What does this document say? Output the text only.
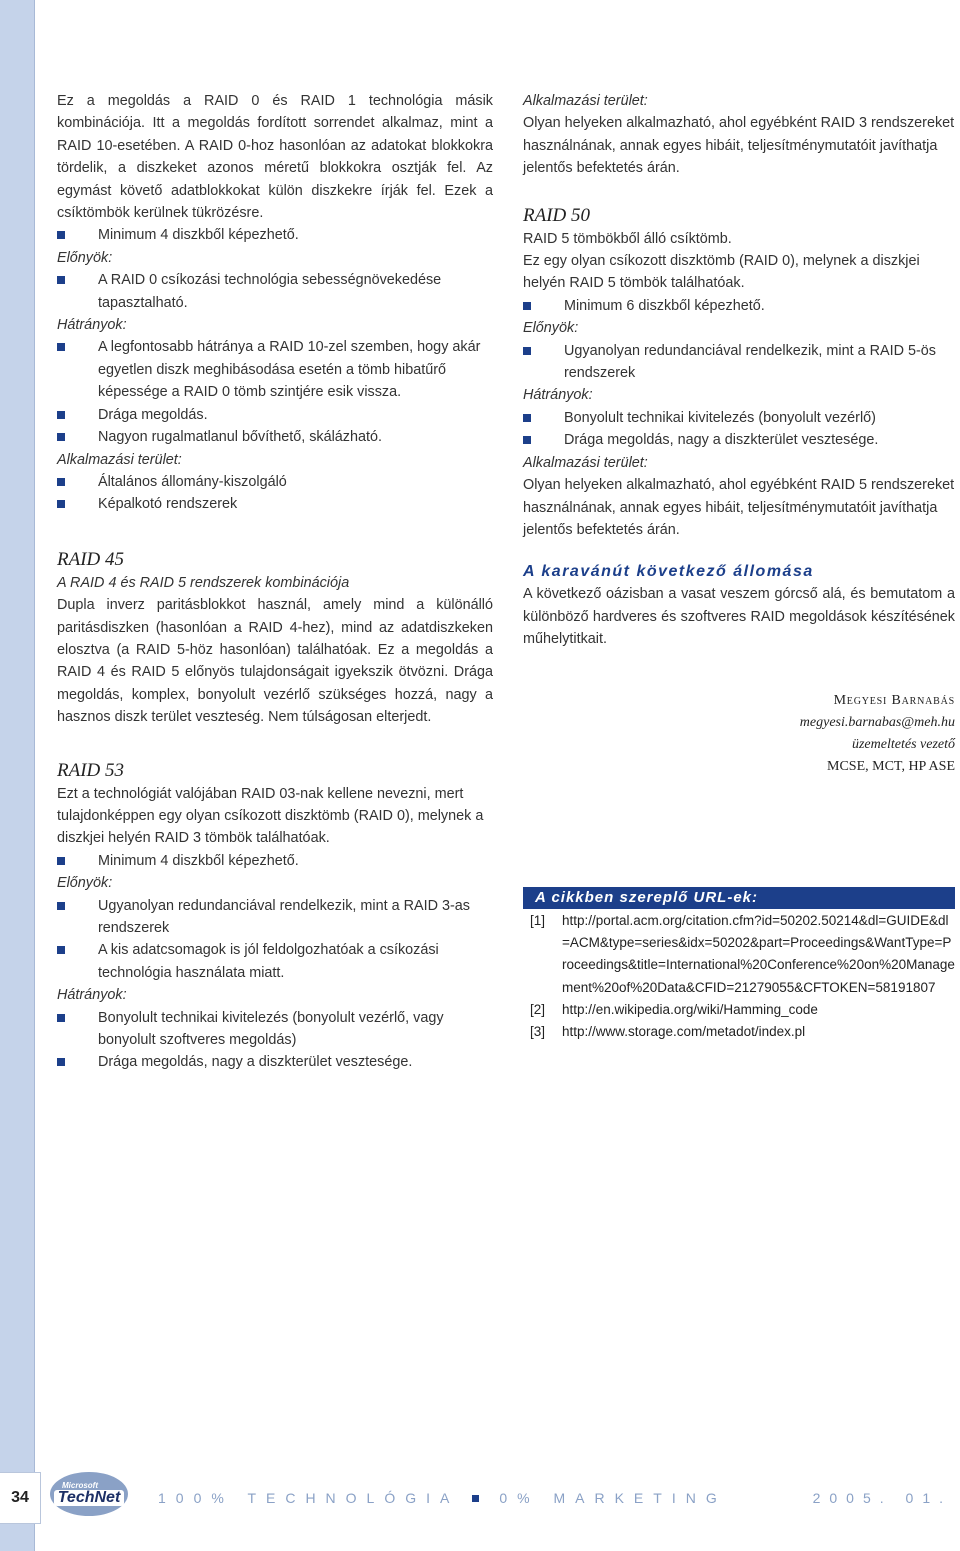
34

Ez a megoldás a RAID 0 és RAID 1 technológia másik kombinációja. Itt a megoldás fordított sorrendet alkalmaz, mint a RAID 10-esetében. A RAID 0-hoz hasonlóan az adatokat blokkokra tördelik, a diszkeket azonos méretű blokkokra osztják fel. Az egymást követő adatblokkokat külön diszkekre írják fel. Ezek a csíktömbök kerülnek tükrözésre.

Minimum 4 diszkből képezhető.

Előnyök:

A RAID 0 csíkozási technológia sebességnövekedése tapasztalható.

Hátrányok:

A legfontosabb hátránya a RAID 10-zel szemben, hogy akár egyetlen diszk meghibásodása esetén a tömb hibatűrő képessége a RAID 0 tömb szintjére esik vissza.
Drága megoldás.
Nagyon rugalmatlanul bővíthető, skálázható.

Alkalmazási terület:

Általános állomány-kiszolgáló
Képalkotó rendszerek
RAID 45

A RAID 4 és RAID 5 rendszerek kombinációja

Dupla inverz paritásblokkot használ, amely mind a különálló paritásdiszken (hasonlóan a RAID 4-hez), mind az adatdiszkeken elosztva (a RAID 5-höz hasonlóan) találhatóak. Ez a megoldás a RAID 4 és RAID 5 előnyös tulajdonságait igyekszik ötvözni. Drága megoldás, komplex, bonyolult vezérlő szükséges hozzá, nagy a hasznos diszk terület veszteség. Nem túlságosan elterjedt.

RAID 53

Ezt a technológiát valójában RAID 03-nak kellene nevezni, mert tulajdonképpen egy olyan csíkozott diszktömb (RAID 0), melynek a diszkjei helyén RAID 3 tömbök találhatóak.

Minimum 4 diszkből képezhető.

Előnyök:

Ugyanolyan redundanciával rendelkezik, mint a RAID 3-as rendszerek
A kis adatcsomagok is jól feldolgozhatóak a csíkozási technológia használata miatt.

Hátrányok:

Bonyolult technikai kivitelezés (bonyolult vezérlő, vagy bonyolult szoftveres megoldás)
Drága megoldás, nagy a diszkterület vesztesége.

Alkalmazási terület:

Olyan helyeken alkalmazható, ahol egyébként RAID 3 rendszereket használnának, annak egyes hibáit, teljesítménymutatóit javíthatja jelentős befektetés árán.

RAID 50

RAID 5 tömbökből álló csíktömb.

Ez egy olyan csíkozott diszktömb (RAID 0), melynek a diszkjei helyén RAID 5 tömbök találhatóak.

Minimum 6 diszkből képezhető.

Előnyök:

Ugyanolyan redundanciával rendelkezik, mint a RAID 5-ös rendszerek

Hátrányok:

Bonyolult technikai kivitelezés (bonyolult vezérlő)
Drága megoldás, nagy a diszkterület vesztesége.

Alkalmazási terület:

Olyan helyeken alkalmazható, ahol egyébként RAID 5 rendszereket használnának, annak egyes hibáit, teljesítménymutatóit javíthatja jelentős befektetés árán.

A karavánút következő állomása

A következő oázisban a vasat veszem górcső alá, és bemutatom a különböző hardveres és szoftveres RAID megoldások készítésének műhelytitkait.

Megyesi Barnabás
megyesi.barnabas@meh.hu
üzemeltetés vezető
MCSE, MCT, HP ASE
A cikkben szereplő URL-ek:
[1]	http://portal.acm.org/citation.cfm?id=50202.50214&dl=GUIDE&dl=ACM&type=series&idx=50202&part=Proceedings&WantType=Proceedings&title=International%20Conference%20on%20Management%20of%20Data&CFID=21279055&CFTOKEN=58191807
[2]	http://en.wikipedia.org/wiki/Hamming_code
[3]	http://www.storage.com/metadot/index.pl
Microsoft
TechNet	100% TECHNOLÓGIA	0% MARKETING	2005. 01.
